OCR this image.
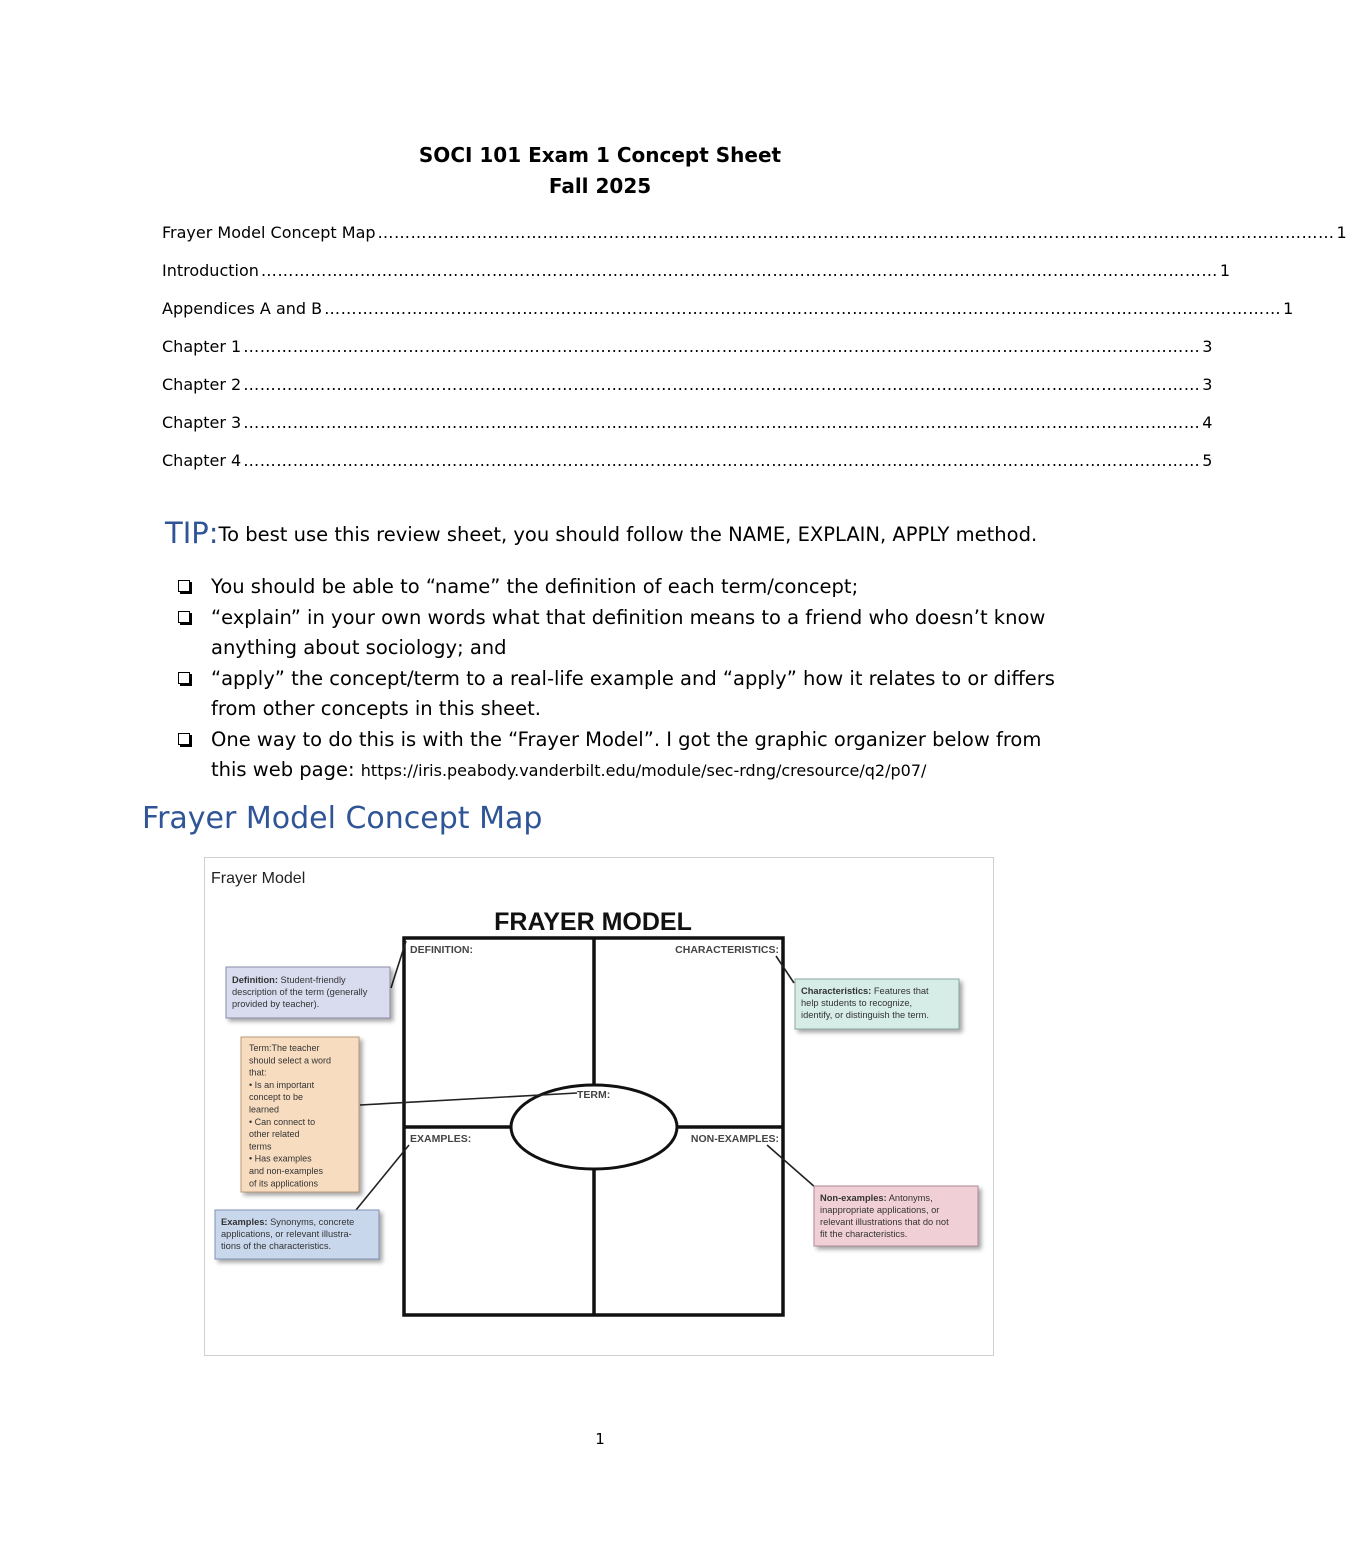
SOCI 101 Exam 1 Concept Sheet
Fall 2025
Frayer Model Concept Map ………………………………………………………………………………………………………………………………………………………… 1
Introduction ………………………………………………………………………………………………………………………………………………………… 1
Appendices A and B ………………………………………………………………………………………………………………………………………………………… 1
Chapter 1 ………………………………………………………………………………………………………………………………………………………… 3
Chapter 2 ………………………………………………………………………………………………………………………………………………………… 3
Chapter 3 ………………………………………………………………………………………………………………………………………………………… 4
Chapter 4 ………………………………………………………………………………………………………………………………………………………… 5
TIP:To best use this review sheet, you should follow the NAME, EXPLAIN, APPLY method.
You should be able to “name” the definition of each term/concept;
“explain” in your own words what that definition means to a friend who doesn’t know anything about sociology; and
“apply” the concept/term to a real-life example and “apply” how it relates to or differs from other concepts in this sheet.
One way to do this is with the “Frayer Model”. I got the graphic organizer below from this web page: https://iris.peabody.vanderbilt.edu/module/sec-rdng/cresource/q2/p07/
Frayer Model Concept Map
Frayer Model
FRAYER MODEL
DEFINITION:	CHARACTERISTICS:
EXAMPLES:	NON-EXAMPLES:
TERM:
Definition: Student-friendly description of the term (generally provided by teacher).
Characteristics: Features that help students to recognize, identify, or distinguish the term.
Term:The teacher should select a word that: • Is an important concept to be learned • Can connect to other related terms • Has examples and non-examples of its applications
Examples: Synonyms, concrete applications, or relevant illustra- tions of the characteristics.
Non-examples: Antonyms, inappropriate applications, or relevant illustrations that do not fit the characteristics.
1
